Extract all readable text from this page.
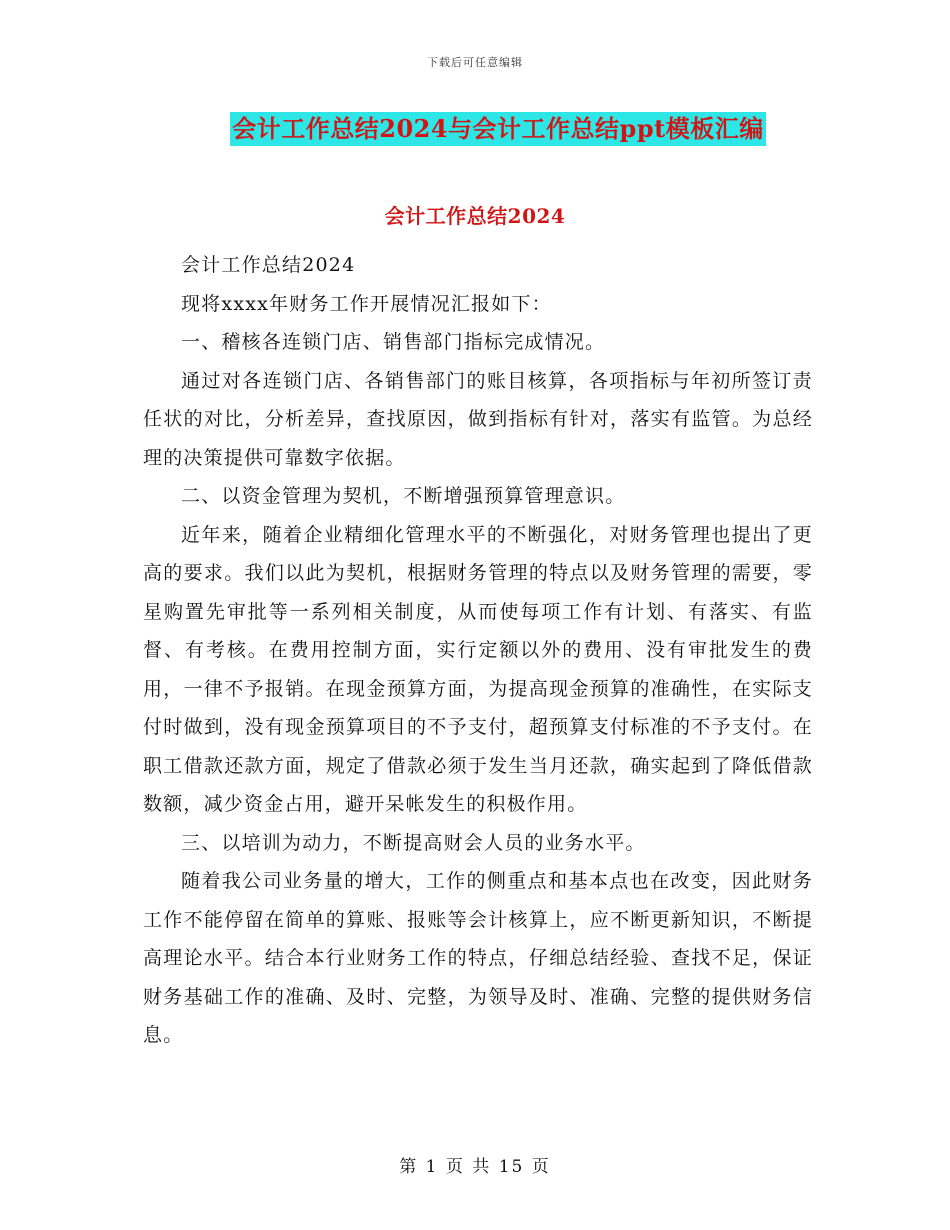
下载后可任意编辑
会计工作总结2024与会计工作总结ppt模板汇编
会计工作总结2024

会计工作总结2024

现将xxxx年财务工作开展情况汇报如下：

一、稽核各连锁门店、销售部门指标完成情况。

通过对各连锁门店、各销售部门的账目核算，各项指标与年初所签订责任状的对比，分析差异，查找原因，做到指标有针对，落实有监管。为总经理的决策提供可靠数字依据。

二、以资金管理为契机，不断增强预算管理意识。

近年来，随着企业精细化管理水平的不断强化，对财务管理也提出了更高的要求。我们以此为契机，根据财务管理的特点以及财务管理的需要，零星购置先审批等一系列相关制度，从而使每项工作有计划、有落实、有监督、有考核。在费用控制方面，实行定额以外的费用、没有审批发生的费用，一律不予报销。在现金预算方面，为提高现金预算的准确性，在实际支付时做到，没有现金预算项目的不予支付，超预算支付标准的不予支付。在职工借款还款方面，规定了借款必须于发生当月还款，确实起到了降低借款数额，减少资金占用，避开呆帐发生的积极作用。

三、以培训为动力，不断提高财会人员的业务水平。

随着我公司业务量的增大，工作的侧重点和基本点也在改变，因此财务工作不能停留在简单的算账、报账等会计核算上，应不断更新知识，不断提高理论水平。结合本行业财务工作的特点，仔细总结经验、查找不足，保证财务基础工作的准确、及时、完整，为领导及时、准确、完整的提供财务信息。

第 1 页 共 15 页
